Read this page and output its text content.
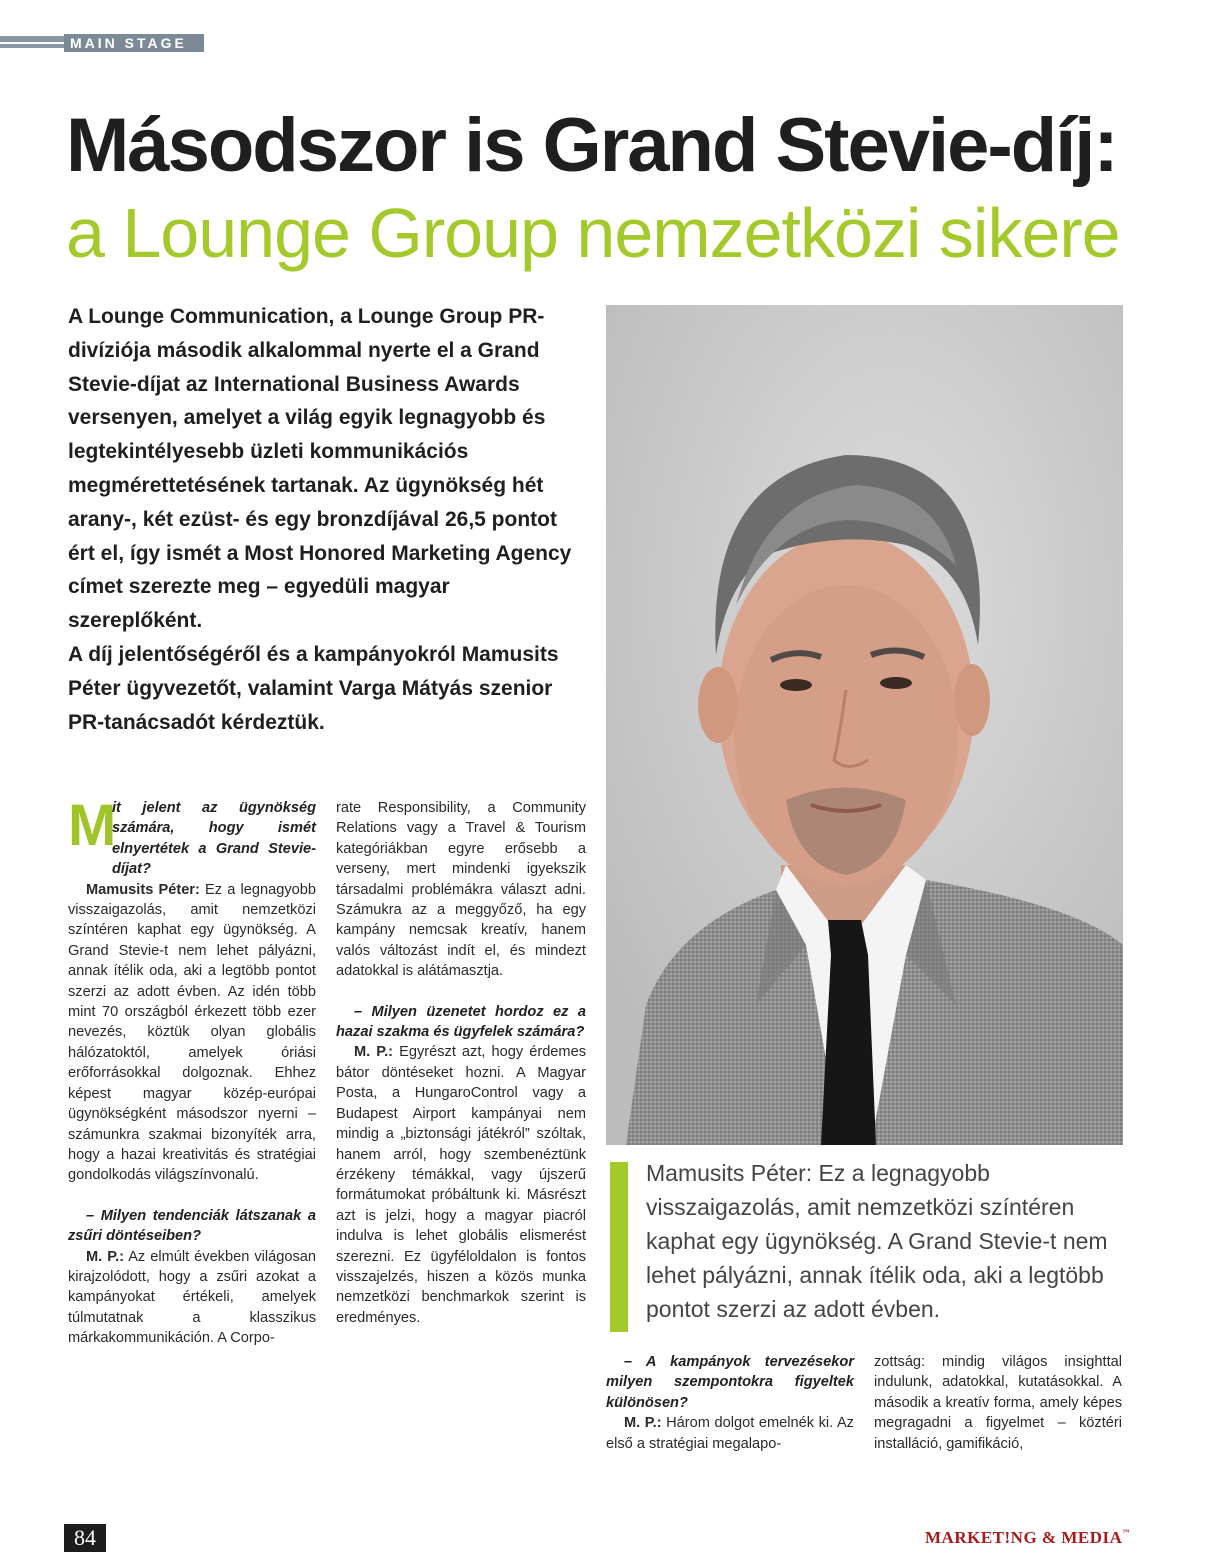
MAIN STAGE
Másodszor is Grand Stevie-díj:
a Lounge Group nemzetközi sikere

A Lounge Communication, a Lounge Group PR-divíziója második alkalommal nyerte el a Grand Stevie-díjat az International Business Awards versenyen, amelyet a világ egyik legnagyobb és legtekintélyesebb üzleti kommunikációs megmérettetésének tartanak. Az ügynökség hét arany-, két ezüst- és egy bronzdíjával 26,5 pontot ért el, így ismét a Most Honored Marketing Agency címet szerezte meg – egyedüli magyar szereplőként.

A díj jelentőségéről és a kampányokról Mamusits Péter ügyvezetőt, valamint Varga Mátyás szenior PR-tanácsadót kérdeztük.

M

it jelent az ügynökség számára, hogy ismét elnyertétek a Grand Stevie-díjat?

Mamusits Péter: Ez a legnagyobb visszaigazolás, amit nemzetközi színtéren kaphat egy ügynökség. A Grand Stevie-t nem lehet pályázni, annak ítélik oda, aki a legtöbb pontot szerzi az adott évben. Az idén több mint 70 országból érkezett több ezer nevezés, köztük olyan globális hálózatoktól, amelyek óriási erőforrásokkal dolgoznak. Ehhez képest magyar közép-európai ügynökségként másodszor nyerni – számunkra szakmai bizonyíték arra, hogy a hazai kreativitás és stratégiai gondolkodás világszínvonalú.

– Milyen tendenciák látszanak a zsűri döntéseiben?

M. P.: Az elmúlt években világosan kirajzolódott, hogy a zsűri azokat a kampányokat értékeli, amelyek túlmutatnak a klasszikus márkakommunikáción. A Corpo-

rate Responsibility, a Community Relations vagy a Travel & Tourism kategóriákban egyre erősebb a verseny, mert mindenki igyekszik társadalmi problémákra választ adni. Számukra az a meggyőző, ha egy kampány nemcsak kreatív, hanem valós változást indít el, és mindezt adatokkal is alátámasztja.

– Milyen üzenetet hordoz ez a hazai szakma és ügyfelek számára?

M. P.: Egyrészt azt, hogy érdemes bátor döntéseket hozni. A Magyar Posta, a HungaroControl vagy a Budapest Airport kampányai nem mindig a „biztonsági játékról” szóltak, hanem arról, hogy szembenéztünk érzékeny témákkal, vagy újszerű formátumokat próbáltunk ki. Másrészt azt is jelzi, hogy a magyar piacról indulva is lehet globális elismerést szerezni. Ez ügyféloldalon is fontos visszajelzés, hiszen a közös munka nemzetközi benchmarkok szerint is eredményes.

Mamusits Péter: Ez a legnagyobb visszaigazolás, amit nemzetközi színtéren kaphat egy ügynökség. A Grand Stevie-t nem lehet pályázni, annak ítélik oda, aki a legtöbb pontot szerzi az adott évben.

– A kampányok tervezésekor milyen szempontokra figyeltek különösen?

M. P.: Három dolgot emelnék ki. Az első a stratégiai megalapo-

zottság: mindig világos insighttal indulunk, adatokkal, kutatásokkal. A második a kreatív forma, amely képes megragadni a figyelmet – köztéri installáció, gamifikáció,

84	MARKET!NG & MEDIA™
